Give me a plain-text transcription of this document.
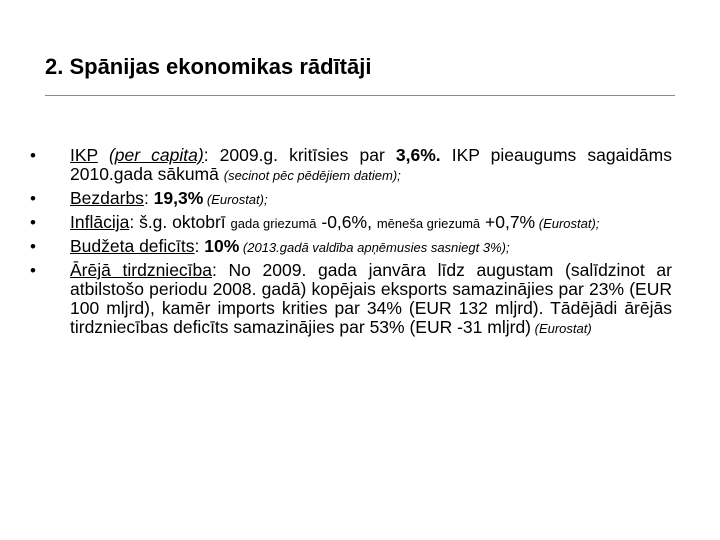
2. Spānijas ekonomikas rādītāji
• IKP (per capita): 2009.g. kritīsies par 3,6%. IKP pieaugums sagaidāms 2010.gada sākumā (secinot pēc pēdējiem datiem);
• Bezdarbs: 19,3% (Eurostat);
• Inflācija: š.g. oktobrī gada griezumā -0,6%, mēneša griezumā +0,7% (Eurostat);
• Budžeta deficīts: 10% (2013.gadā valdība apņēmusies sasniegt 3%);
• Ārējā tirdzniecība: No 2009. gada janvāra līdz augustam (salīdzinot ar atbilstošo periodu 2008. gadā) kopējais eksports samazinājies par 23% (EUR 100 mljrd), kamēr imports krities par 34% (EUR 132 mljrd). Tādējādi ārējās tirdzniecības deficīts samazinājies par 53% (EUR -31 mljrd) (Eurostat)
